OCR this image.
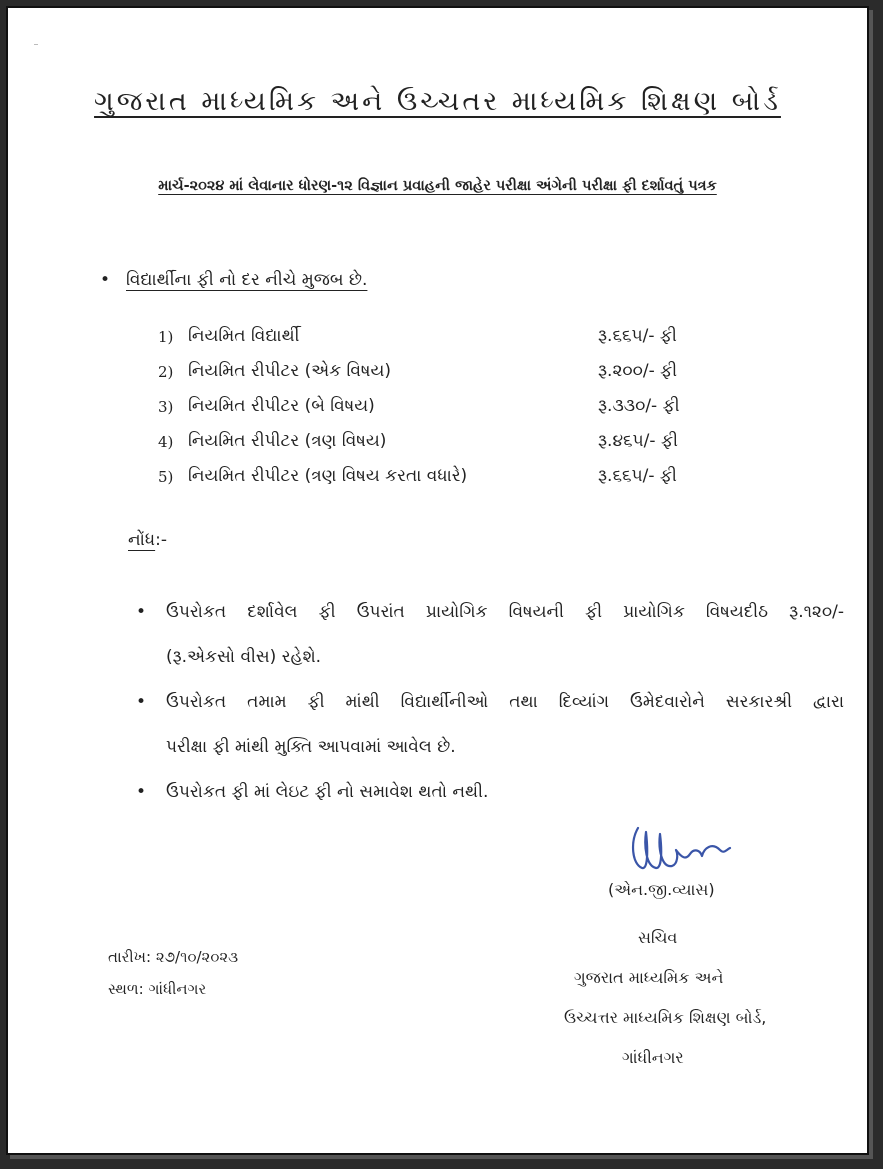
ગુજરાત માધ્યમિક અને ઉચ્ચતર માધ્યમિક શિક્ષણ બોર્ડ
માર્ચ-૨૦૨૪ માં લેવાનાર ધોરણ-૧૨ વિજ્ઞાન પ્રવાહની જાહેર પરીક્ષા અંગેની પરીક્ષા ફી દર્શાવતું પત્રક
• વિદ્યાર્થીના ફી નો દર નીચે મુજબ છે.
1) નિયમિત વિદ્યાર્થી	રૂ.૬૬૫/- ફી
2) નિયમિત રીપીટર (એક વિષય)	રૂ.૨૦૦/- ફી
3) નિયમિત રીપીટર (બે વિષય)	રૂ.૩૩૦/- ફી
4) નિયમિત રીપીટર (ત્રણ વિષય)	રૂ.૪૬૫/- ફી
5) નિયમિત રીપીટર (ત્રણ વિષય કરતા વધારે)	રૂ.૬૬૫/- ફી
નોંધ:-
• ઉપરોકત દર્શાવેલ ફી ઉપરાંત પ્રાયોગિક વિષયની ફી પ્રાયોગિક વિષયદીઠ રૂ.૧૨૦/-
(રૂ.એકસો વીસ) રહેશે.
• ઉપરોકત તમામ ફી માંથી વિદ્યાર્થીનીઓ તથા દિવ્યાંગ ઉમેદવારોને સરકારશ્રી દ્વારા
પરીક્ષા ફી માંથી મુક્તિ આપવામાં આવેલ છે.
• ઉપરોકત ફી માં લેઇટ ફી નો સમાવેશ થતો નથી.
(એન.જી.વ્યાસ)
સચિવ
ગુજરાત માધ્યમિક અને
ઉચ્ચત્તર માધ્યમિક શિક્ષણ બોર્ડ,
ગાંધીનગર
તારીખ: ૨૭/૧૦/૨૦૨૩
સ્થળ: ગાંધીનગર
